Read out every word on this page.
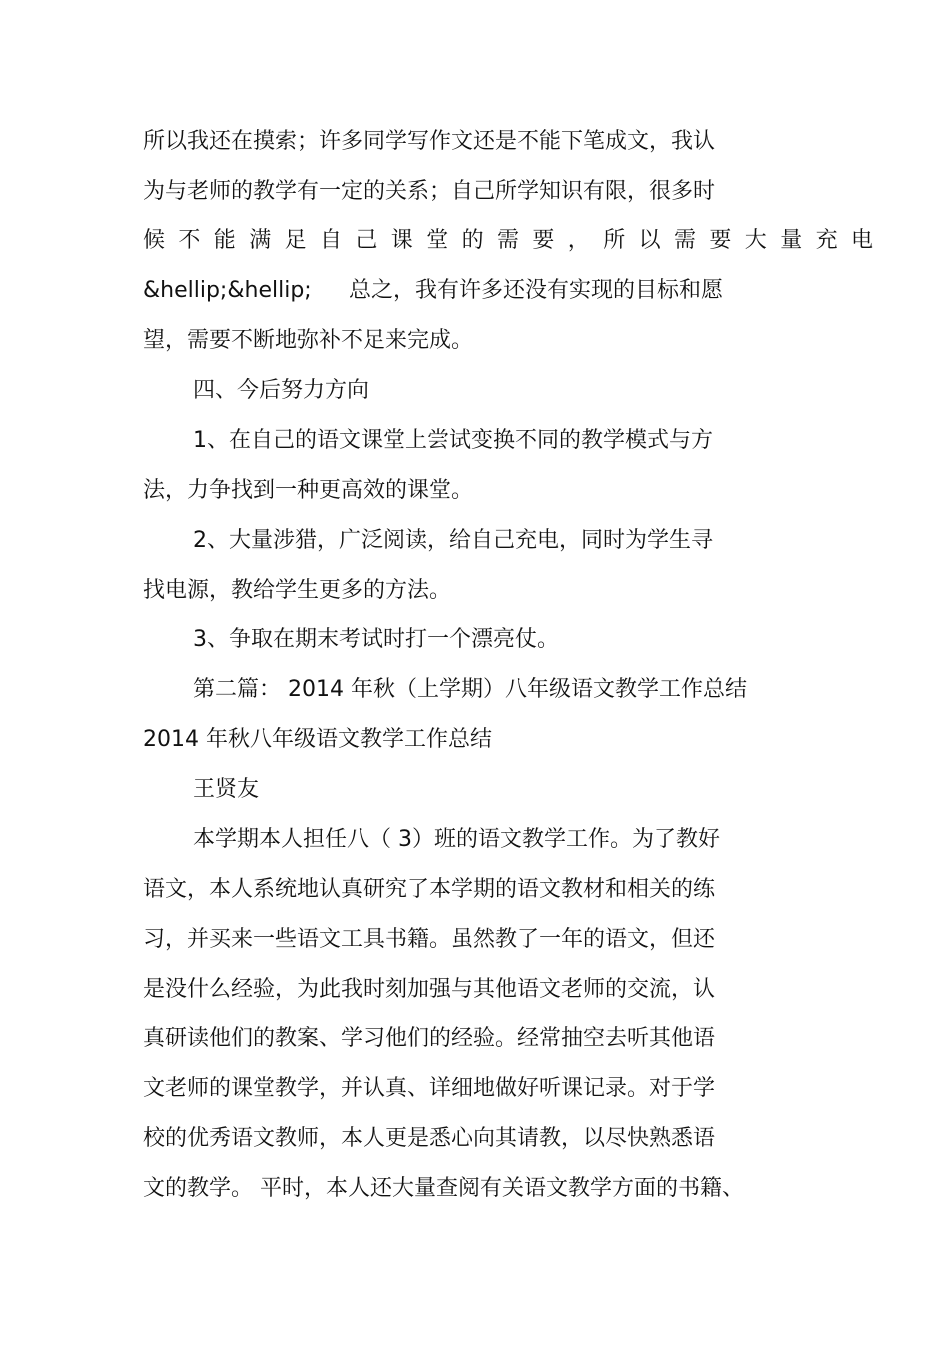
所以我还在摸索；许多同学写作文还是不能下笔成文，我认
为与老师的教学有一定的关系；自己所学知识有限，很多时
候不能满足自己课堂的需要，所以需要大量充电
&hellip;&hellip; 总之，我有许多还没有实现的目标和愿
望，需要不断地弥补不足来完成。
四、今后努力方向
1、在自己的语文课堂上尝试变换不同的教学模式与方
法，力争找到一种更高效的课堂。
2、大量涉猎，广泛阅读，给自己充电，同时为学生寻
找电源，教给学生更多的方法。
3、争取在期末考试时打一个漂亮仗。
第二篇： 2014 年秋（上学期）八年级语文教学工作总结
2014 年秋八年级语文教学工作总结
王贤友
本学期本人担任八（ 3）班的语文教学工作。为了教好
语文，本人系统地认真研究了本学期的语文教材和相关的练
习，并买来一些语文工具书籍。虽然教了一年的语文，但还
是没什么经验，为此我时刻加强与其他语文老师的交流，认
真研读他们的教案、学习他们的经验。经常抽空去听其他语
文老师的课堂教学，并认真、详细地做好听课记录。对于学
校的优秀语文教师，本人更是悉心向其请教，以尽快熟悉语
文的教学。 平时，本人还大量查阅有关语文教学方面的书籍、
